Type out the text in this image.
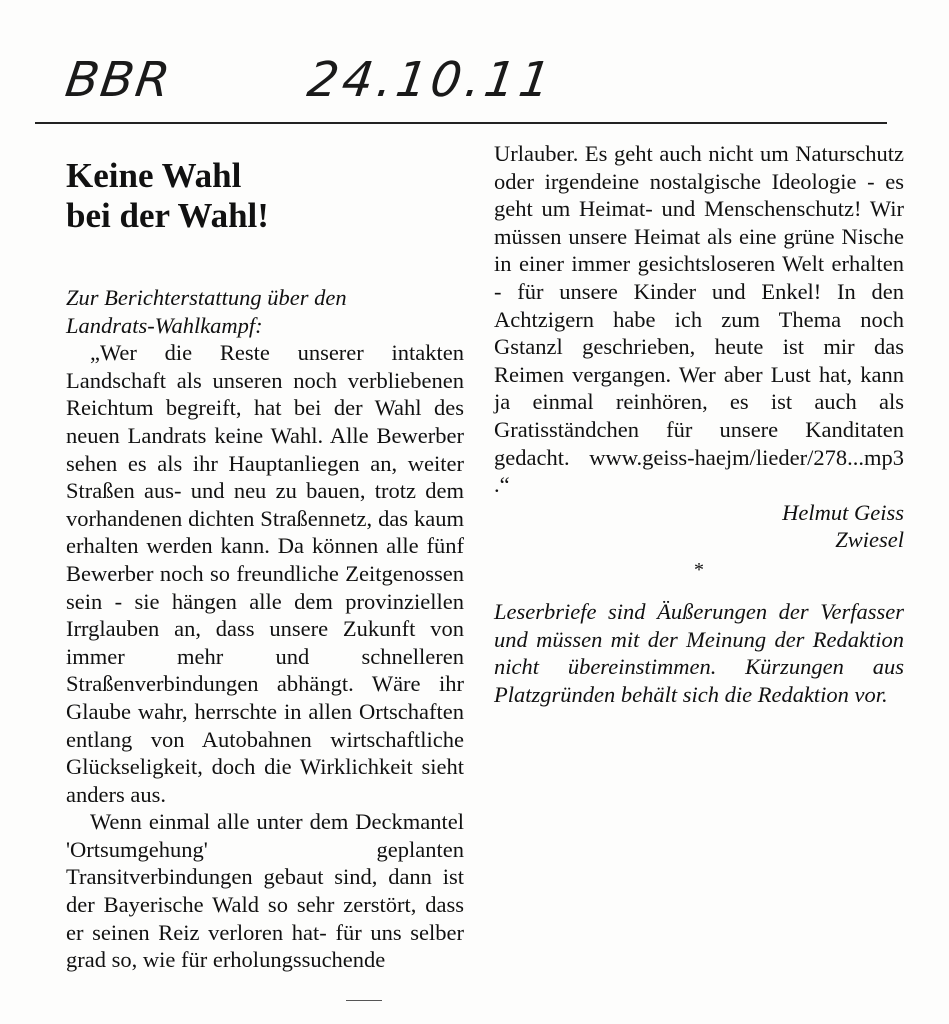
BBR	24.10.11
Keine Wahl
bei der Wahl!
Zur Berichterstattung über den
Landrats-Wahlkampf:

„Wer die Reste unserer intakten Landschaft als unseren noch verbliebenen Reichtum begreift, hat bei der Wahl des neuen Landrats keine Wahl. Alle Bewerber sehen es als ihr Hauptanliegen an, weiter Straßen aus- und neu zu bauen, trotz dem vorhandenen dichten Straßennetz, das kaum erhalten werden kann. Da können alle fünf Bewerber noch so freundliche Zeitgenossen sein - sie hängen alle dem provinziellen Irrglauben an, dass unsere Zukunft von immer mehr und schnelleren Straßenverbindungen abhängt. Wäre ihr Glaube wahr, herrschte in allen Ortschaften entlang von Autobahnen wirtschaftliche Glückseligkeit, doch die Wirklichkeit sieht anders aus.

Wenn einmal alle unter dem Deckmantel 'Ortsumgehung' geplanten Transitverbindungen gebaut sind, dann ist der Bayerische Wald so sehr zerstört, dass er seinen Reiz verloren hat- für uns selber grad so, wie für erholungssuchende

Urlauber. Es geht auch nicht um Naturschutz oder irgendeine nostalgische Ideologie - es geht um Heimat- und Menschenschutz! Wir müssen unsere Heimat als eine grüne Nische in einer immer gesichtsloseren Welt erhalten - für unsere Kinder und Enkel! In den Achtzigern habe ich zum Thema noch Gstanzl geschrieben, heute ist mir das Reimen vergangen. Wer aber Lust hat, kann ja einmal reinhören, es ist auch als Gratisständchen für unsere Kanditaten gedacht. www.geiss-haejm/lieder/278...mp3 .“

Helmut Geiss
Zwiesel
*
Leserbriefe sind Äußerungen der Verfasser und müssen mit der Meinung der Redaktion nicht übereinstimmen. Kürzungen aus Platzgründen behält sich die Redaktion vor.
